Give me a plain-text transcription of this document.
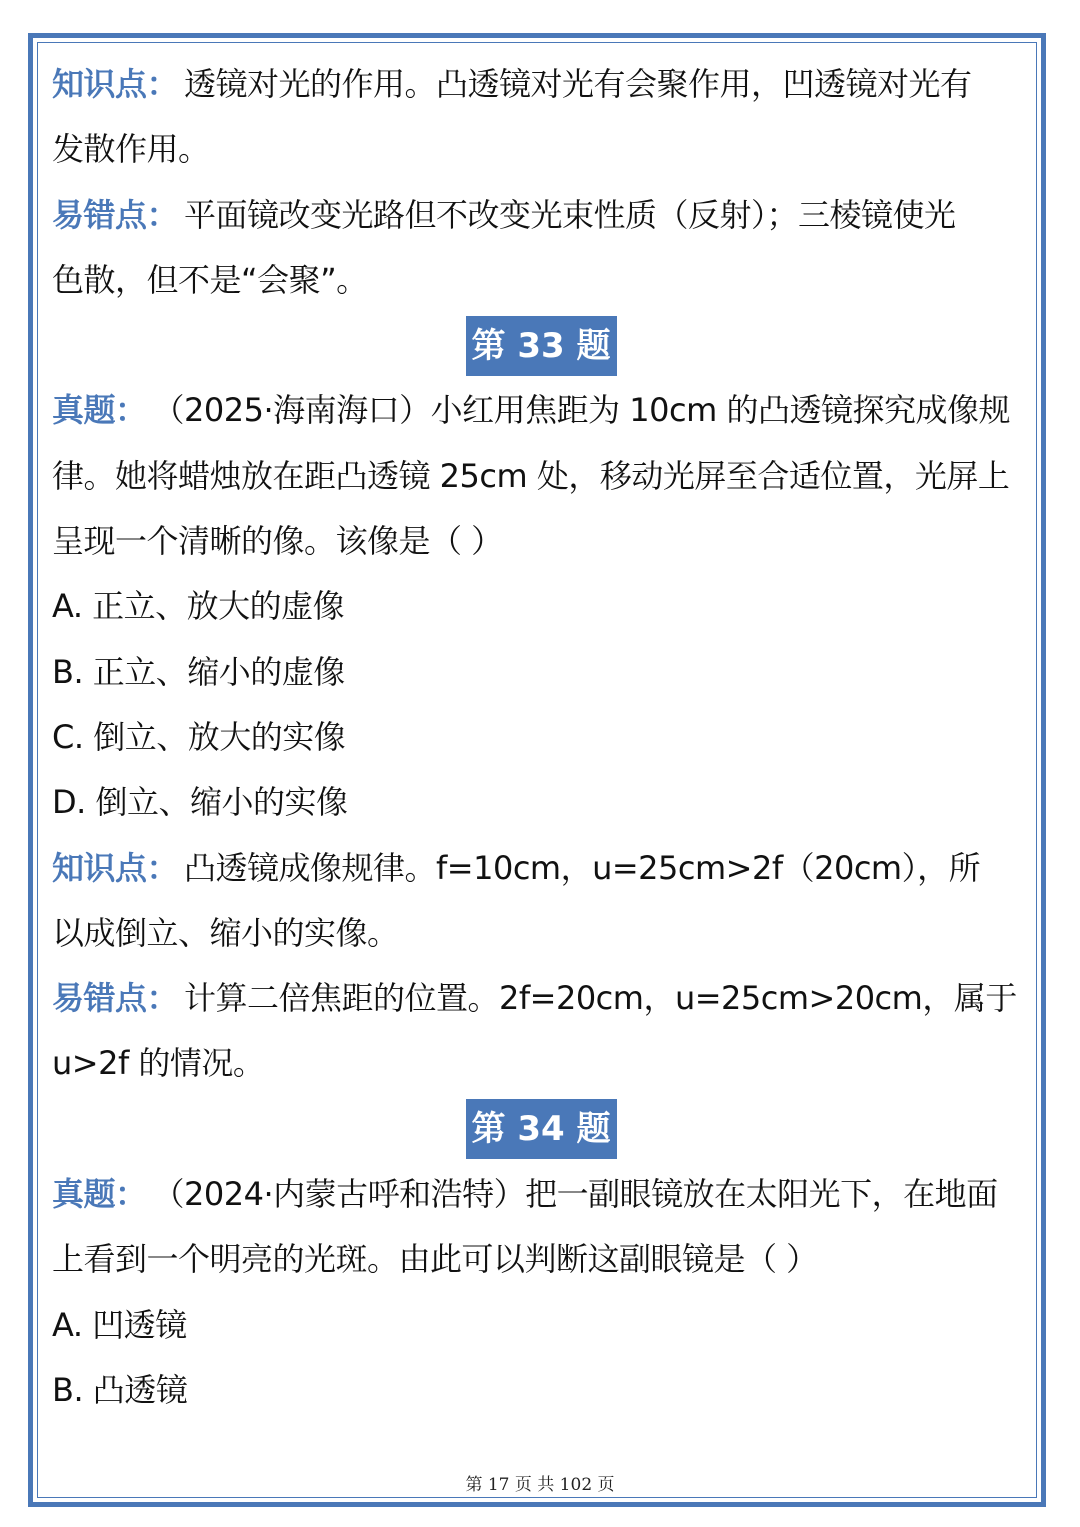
知识点： 透镜对光的作用。凸透镜对光有会聚作用，凹透镜对光有
发散作用。
易错点： 平面镜改变光路但不改变光束性质（反射）；三棱镜使光
色散，但不是“会聚”。
第 33 题
真题： （2025·海南海口）小红用焦距为 10cm 的凸透镜探究成像规
律。她将蜡烛放在距凸透镜 25cm 处，移动光屏至合适位置，光屏上
呈现一个清晰的像。该像是（ ）
A. 正立、放大的虚像
B. 正立、缩小的虚像
C. 倒立、放大的实像
D. 倒立、缩小的实像
知识点： 凸透镜成像规律。f=10cm，u=25cm>2f（20cm），所
以成倒立、缩小的实像。
易错点： 计算二倍焦距的位置。2f=20cm，u=25cm>20cm，属于
u>2f 的情况。
第 34 题
真题： （2024·内蒙古呼和浩特）把一副眼镜放在太阳光下，在地面
上看到一个明亮的光斑。由此可以判断这副眼镜是（ ）
A. 凹透镜
B. 凸透镜
第 17 页 共 102 页
